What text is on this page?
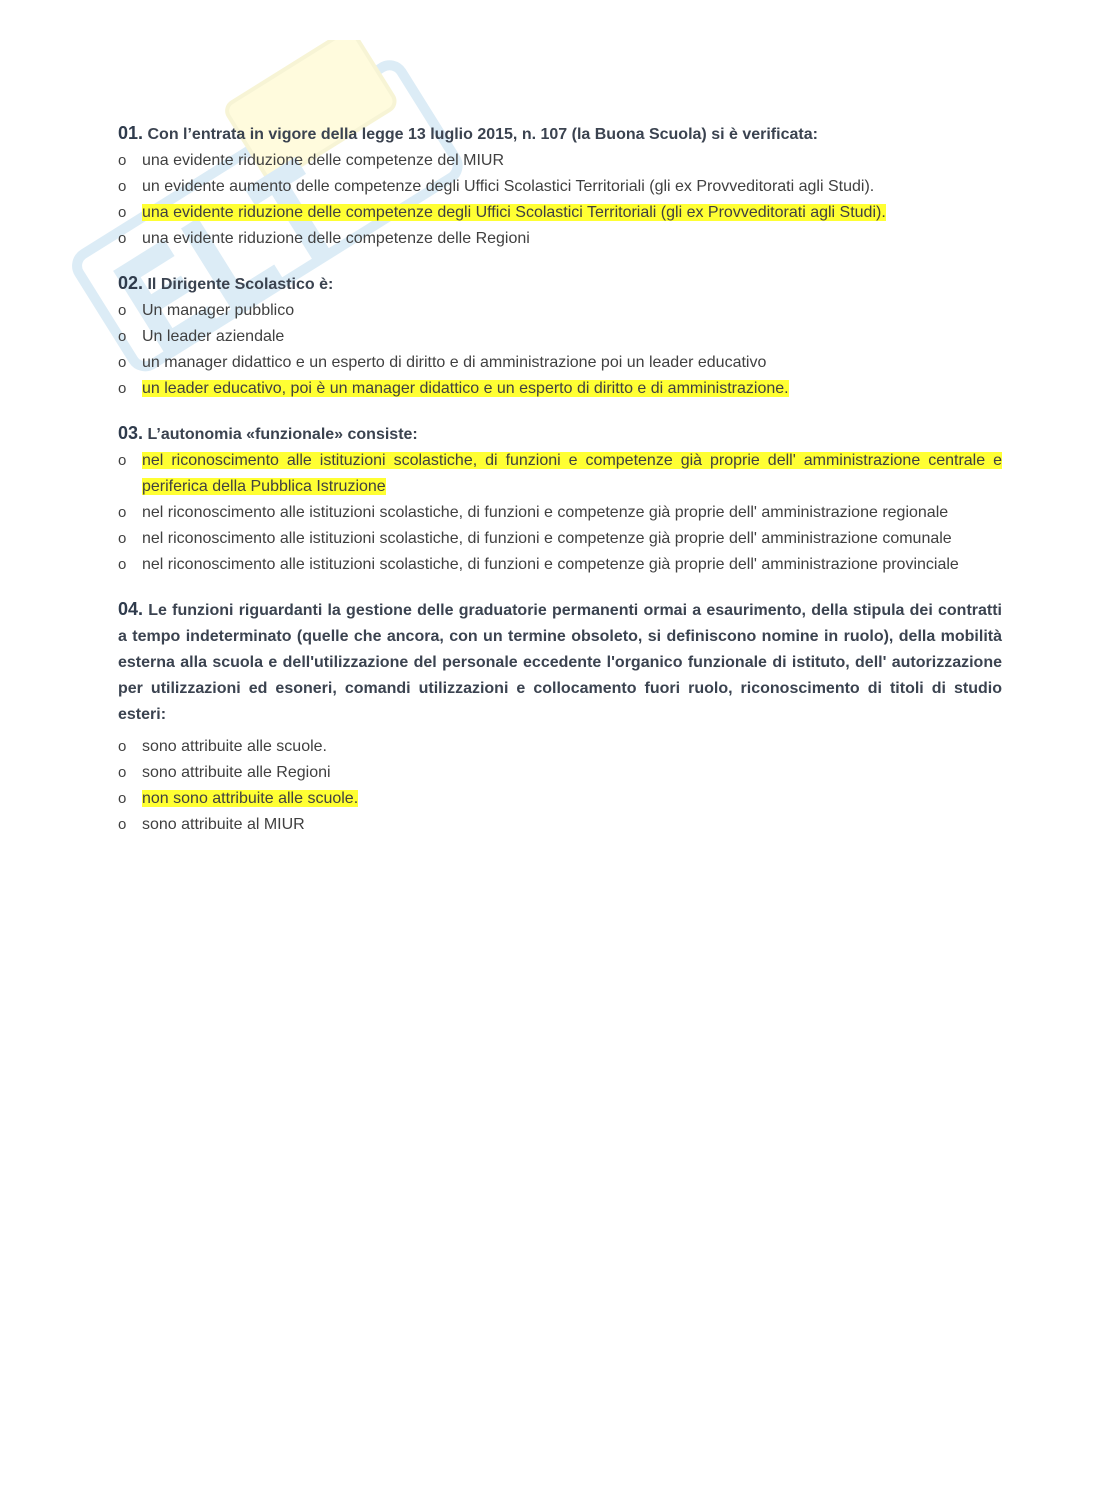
01. Con l’entrata in vigore della legge 13 luglio 2015, n. 107 (la Buona Scuola) si è verificata:

o una evidente riduzione delle competenze del MIUR
o un evidente aumento delle competenze degli Uffici Scolastici Territoriali (gli ex Provveditorati agli Studi).
o una evidente riduzione delle competenze degli Uffici Scolastici Territoriali (gli ex Provveditorati agli Studi).
o una evidente riduzione delle competenze delle Regioni

02. Il Dirigente Scolastico è:

o Un manager pubblico
o Un leader aziendale
o un manager didattico e un esperto di diritto e di amministrazione poi un leader educativo
o un leader educativo, poi è un manager didattico e un esperto di diritto e di amministrazione.

03. L’autonomia «funzionale» consiste:

o nel riconoscimento alle istituzioni scolastiche, di funzioni e competenze già proprie dell' amministrazione centrale e periferica della Pubblica Istruzione
o nel riconoscimento alle istituzioni scolastiche, di funzioni e competenze già proprie dell' amministrazione regionale
o nel riconoscimento alle istituzioni scolastiche, di funzioni e competenze già proprie dell' amministrazione comunale
o nel riconoscimento alle istituzioni scolastiche, di funzioni e competenze già proprie dell' amministrazione provinciale

04. Le funzioni riguardanti la gestione delle graduatorie permanenti ormai a esaurimento, della stipula dei contratti a tempo indeterminato (quelle che ancora, con un termine obsoleto, si definiscono nomine in ruolo), della mobilità esterna alla scuola e dell'utilizzazione del personale eccedente l'organico funzionale di istituto, dell' autorizzazione per utilizzazioni ed esoneri, comandi utilizzazioni e collocamento fuori ruolo, riconoscimento di titoli di studio esteri:

o sono attribuite alle scuole.
o sono attribuite alle Regioni
o non sono attribuite alle scuole.
o sono attribuite al MIUR
